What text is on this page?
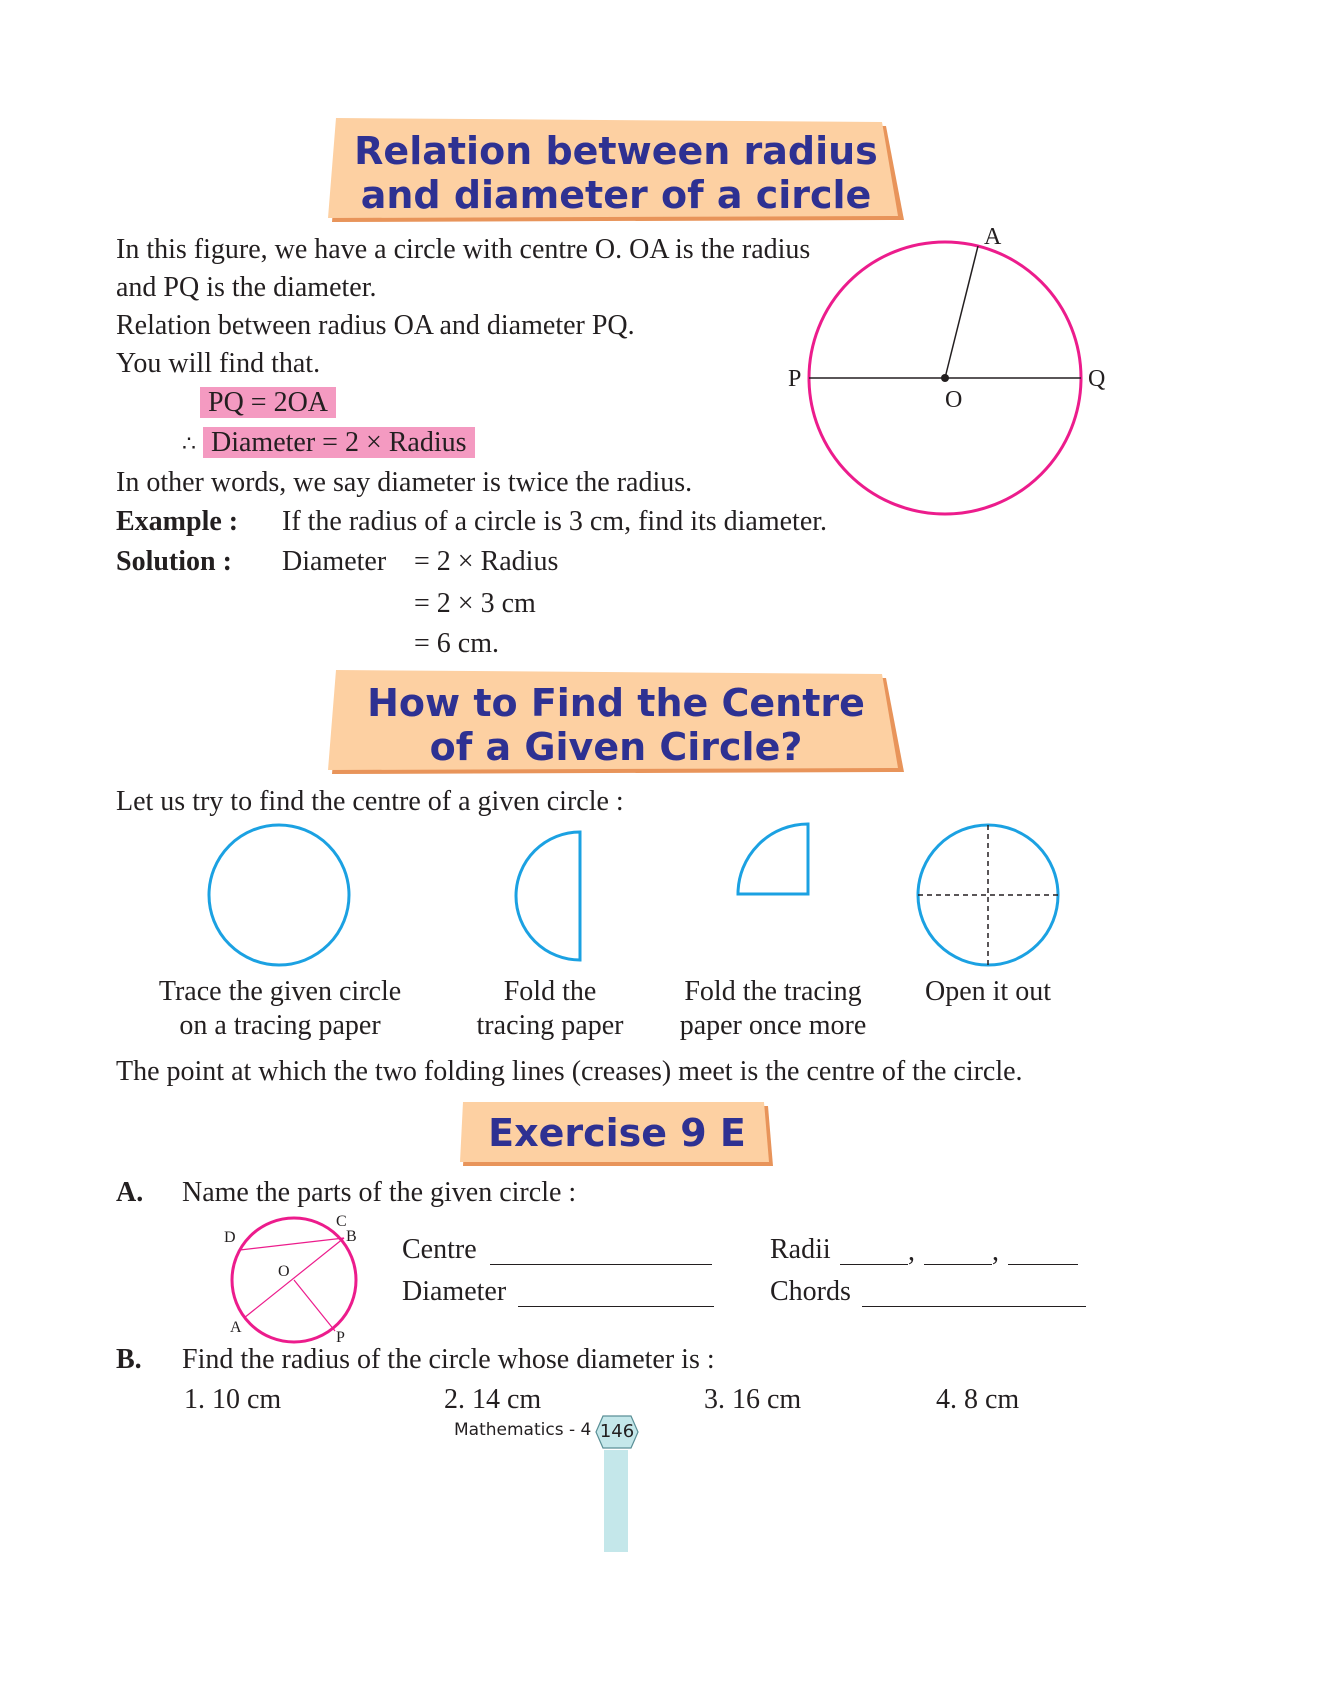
Relation between radius
and diameter of a circle
In this figure, we have a circle with centre O. OA is the radius
and PQ is the diameter.
Relation between radius OA and diameter PQ.
You will find that.
PQ = 2OA
∴ Diameter = 2 × Radius
In other words, we say diameter is twice the radius.
Example : If the radius of a circle is 3 cm, find its diameter.
Solution : Diameter = 2 × Radius
= 2 × 3 cm
= 6 cm.
A
P	Q
O
How to Find the Centre
of a Given Circle?
Let us try to find the centre of a given circle :
Trace the given circle
on a tracing paper
Fold the
tracing paper
Fold the tracing
paper once more
Open it out
The point at which the two folding lines (creases) meet is the centre of the circle.
Exercise 9 E
A. Name the parts of the given circle :
D
C
B
O
A
P
Centre
Diameter
Radii	,	,
Chords
B. Find the radius of the circle whose diameter is :
1. 10 cm	2. 14 cm	3. 16 cm	4. 8 cm
Mathematics - 4 146
